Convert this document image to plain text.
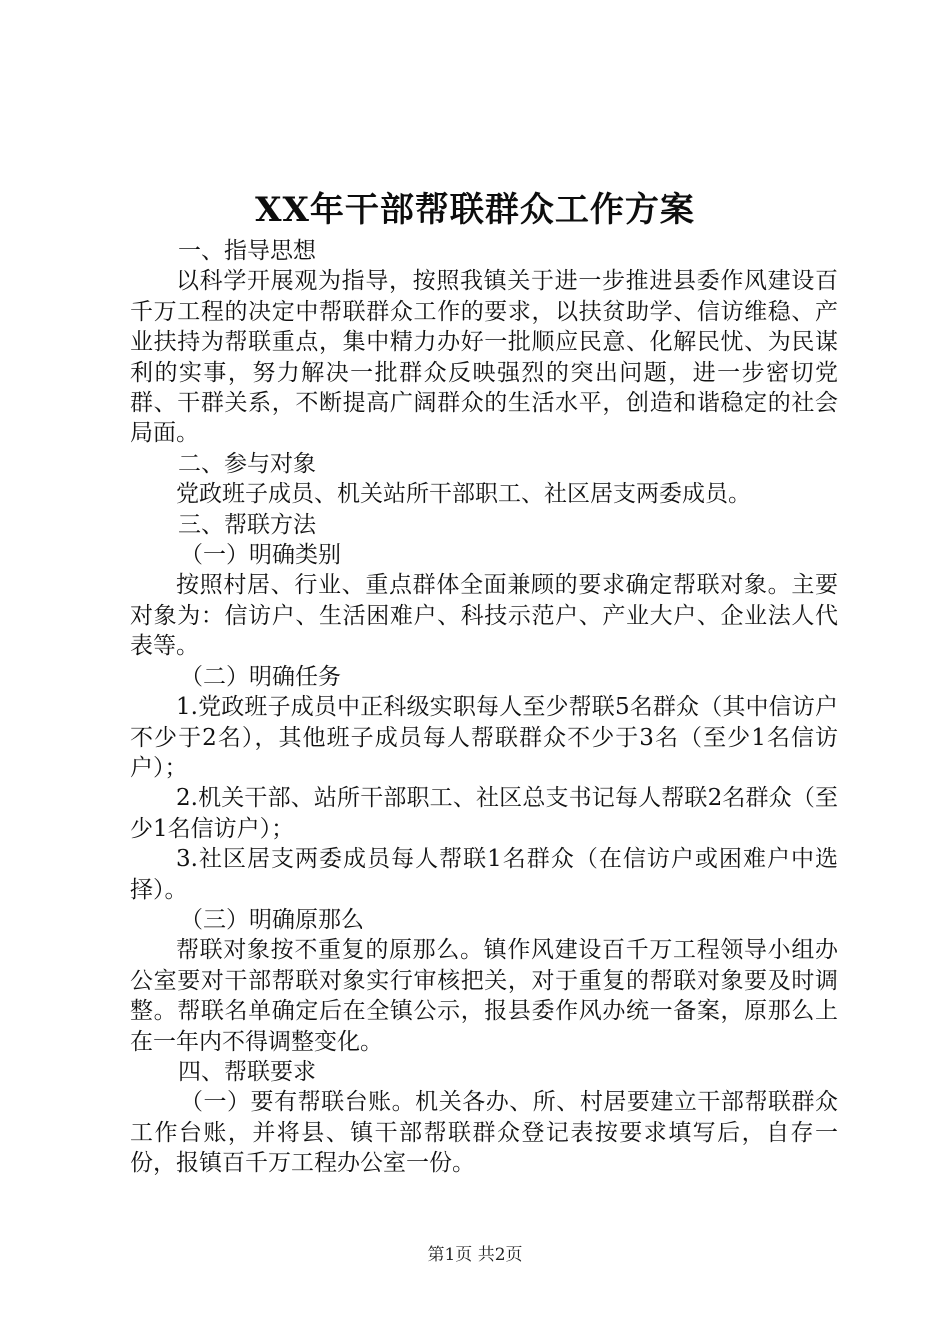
XX年干部帮联群众工作方案

一、指导思想

以科学开展观为指导，按照我镇关于进一步推进县委作风建设百千万工程的决定中帮联群众工作的要求，以扶贫助学、信访维稳、产业扶持为帮联重点，集中精力办好一批顺应民意、化解民忧、为民谋利的实事，努力解决一批群众反映强烈的突出问题，进一步密切党群、干群关系，不断提高广阔群众的生活水平，创造和谐稳定的社会局面。

二、参与对象

党政班子成员、机关站所干部职工、社区居支两委成员。

三、帮联方法

（一）明确类别

按照村居、行业、重点群体全面兼顾的要求确定帮联对象。主要对象为：信访户、生活困难户、科技示范户、产业大户、企业法人代表等。

（二）明确任务

1.党政班子成员中正科级实职每人至少帮联5名群众（其中信访户不少于2名），其他班子成员每人帮联群众不少于3名（至少1名信访户）；

2.机关干部、站所干部职工、社区总支书记每人帮联2名群众（至少1名信访户）；

3.社区居支两委成员每人帮联1名群众（在信访户或困难户中选择）。

（三）明确原那么

帮联对象按不重复的原那么。镇作风建设百千万工程领导小组办公室要对干部帮联对象实行审核把关，对于重复的帮联对象要及时调整。帮联名单确定后在全镇公示，报县委作风办统一备案，原那么上在一年内不得调整变化。

四、帮联要求

（一）要有帮联台账。机关各办、所、村居要建立干部帮联群众工作台账，并将县、镇干部帮联群众登记表按要求填写后，自存一份，报镇百千万工程办公室一份。

第1页 共2页
